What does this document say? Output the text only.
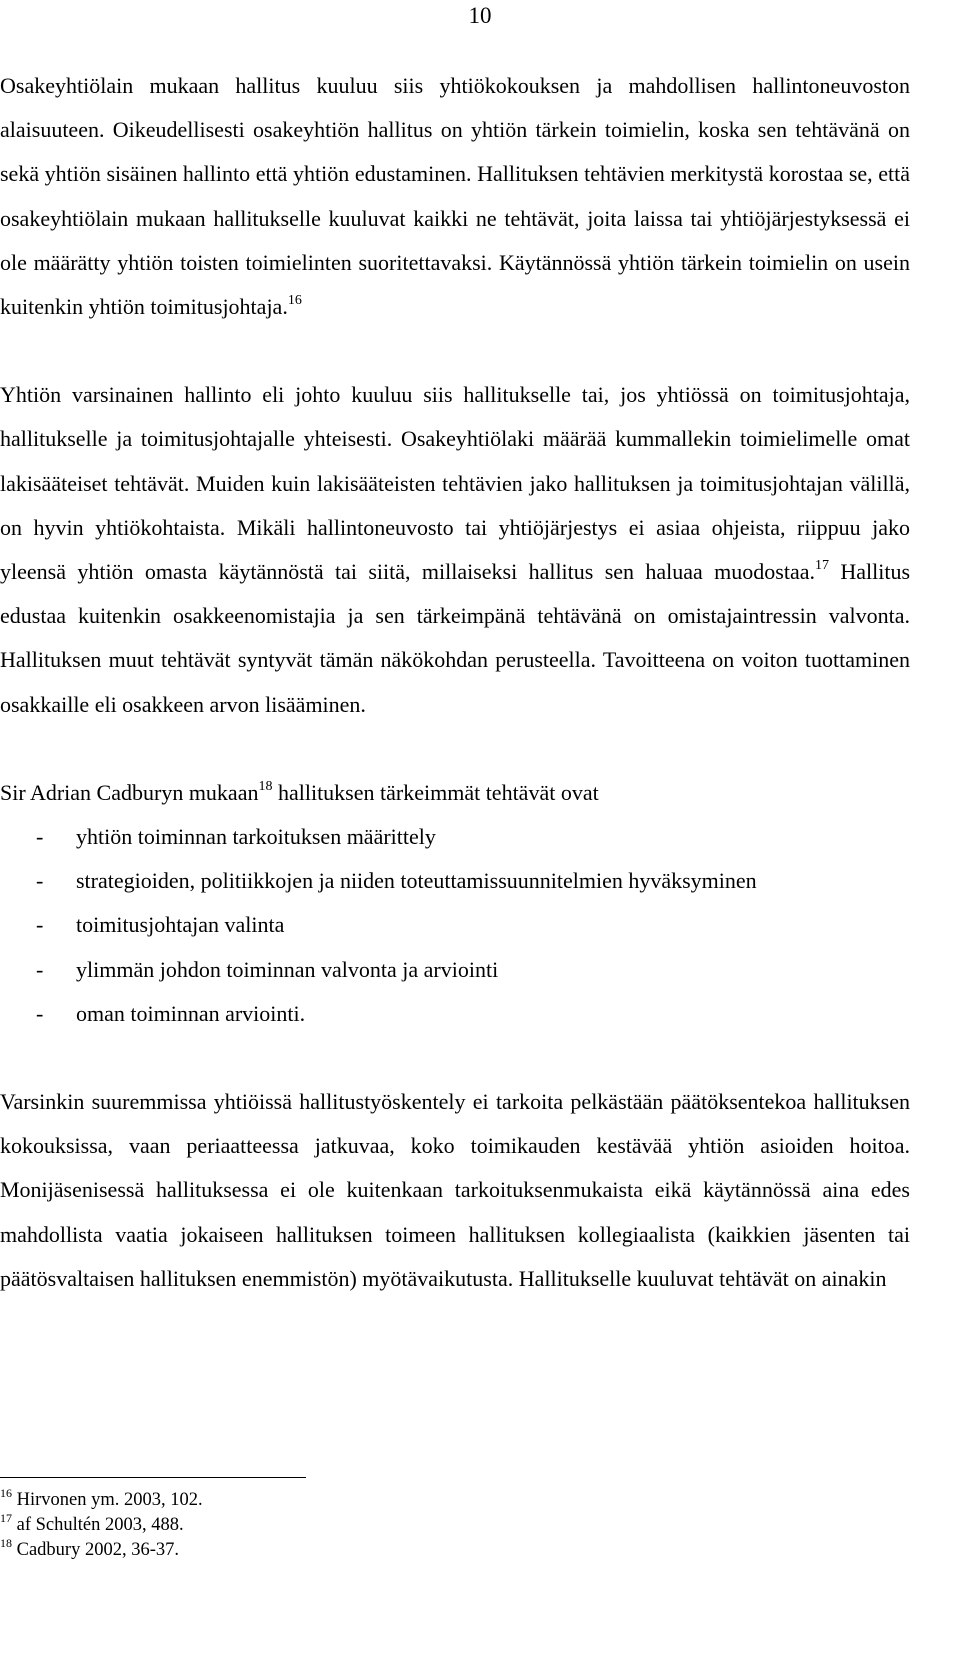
10

Osakeyhtiölain mukaan hallitus kuuluu siis yhtiökokouksen ja mahdollisen hallintoneuvoston alaisuuteen. Oikeudellisesti osakeyhtiön hallitus on yhtiön tärkein toimielin, koska sen tehtävänä on sekä yhtiön sisäinen hallinto että yhtiön edustaminen. Hallituksen tehtävien merkitystä korostaa se, että osakeyhtiölain mukaan hallitukselle kuuluvat kaikki ne tehtävät, joita laissa tai yhtiöjärjestyksessä ei ole määrätty yhtiön toisten toimielinten suoritettavaksi. Käytännössä yhtiön tärkein toimielin on usein kuitenkin yhtiön toimitusjohtaja.$^{16}$

Yhtiön varsinainen hallinto eli johto kuuluu siis hallitukselle tai, jos yhtiössä on toimitusjohtaja, hallitukselle ja toimitusjohtajalle yhteisesti. Osakeyhtiölaki määrää kummallekin toimielimelle omat lakisääteiset tehtävät. Muiden kuin lakisääteisten tehtävien jako hallituksen ja toimitusjohtajan välillä, on hyvin yhtiökohtaista. Mikäli hallintoneuvosto tai yhtiöjärjestys ei asiaa ohjeista, riippuu jako yleensä yhtiön omasta käytännöstä tai siitä, millaiseksi hallitus sen haluaa muodostaa.$^{17}$ Hallitus edustaa kuitenkin osakkeenomistajia ja sen tärkeimpänä tehtävänä on omistajaintressin valvonta. Hallituksen muut tehtävät syntyvät tämän näkökohdan perusteella. Tavoitteena on voiton tuottaminen osakkaille eli osakkeen arvon lisääminen.

Sir Adrian Cadburyn mukaan$^{18}$ hallituksen tärkeimmät tehtävät ovat

- yhtiön toiminnan tarkoituksen määrittely
- strategioiden, politiikkojen ja niiden toteuttamissuunnitelmien hyväksyminen
- toimitusjohtajan valinta
- ylimmän johdon toiminnan valvonta ja arviointi
- oman toiminnan arviointi.

Varsinkin suuremmissa yhtiöissä hallitustyöskentely ei tarkoita pelkästään päätöksentekoa hallituksen kokouksissa, vaan periaatteessa jatkuvaa, koko toimikauden kestävää yhtiön asioiden hoitoa. Monijäsenisessä hallituksessa ei ole kuitenkaan tarkoituksenmukaista eikä käytännössä aina edes mahdollista vaatia jokaiseen hallituksen toimeen hallituksen kollegiaalista (kaikkien jäsenten tai päätösvaltaisen hallituksen enemmistön) myötävaikutusta. Hallitukselle kuuluvat tehtävät on ainakin

$^{16}$ Hirvonen ym. 2003, 102.

$^{17}$ af Schultén 2003, 488.

$^{18}$ Cadbury 2002, 36-37.
